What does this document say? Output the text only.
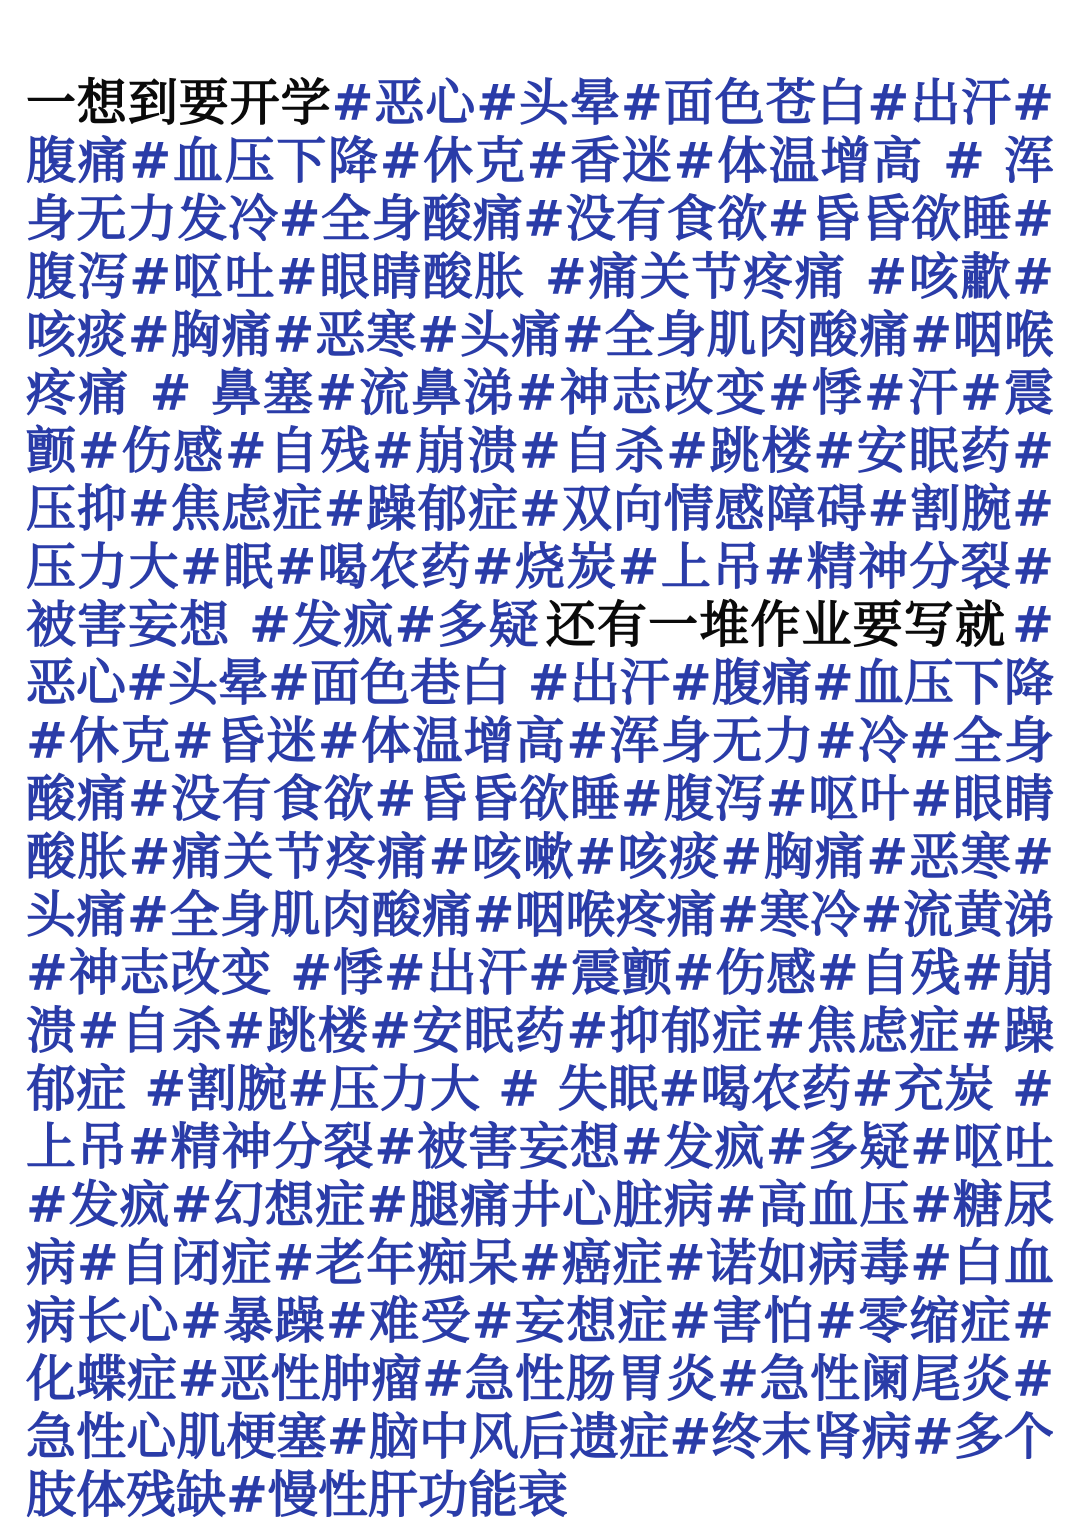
一想到要开学#恶心#头晕#面色苍白#出汗#腹痛#血压下降#休克#香迷#体温增高 # 浑身无力发冷#全身酸痛#没有食欲#昏昏欲睡#腹泻#呕吐#眼睛酸胀 #痛关节疼痛 #咳歗#咳痰#胸痛#恶寒#头痛#全身肌肉酸痛#咽喉疼痛 # 鼻塞#流鼻涕#神志改变#悸#汗#震颤#伤感#自残#崩溃#自杀#跳楼#安眠药#压抑#焦虑症#躁郁症#双向情感障碍#割腕#压力大#眠#喝农药#烧炭#上吊#精神分裂#被害妄想 #发疯#多疑 还有一堆作业要写就 #恶心#头晕#面色巷白 #出汗#腹痛#血压下降#休克#昏迷#体温增高#浑身无力#冷#全身酸痛#没有食欲#昏昏欲睡#腹泻#呕叶#眼睛酸胀#痛关节疼痛#咳嗽#咳痰#胸痛#恶寒#头痛#全身肌肉酸痛#咽喉疼痛#寒冷#流黄涕#神志改变 #悸#出汗#震颤#伤感#自残#崩溃#自杀#跳楼#安眠药#抑郁症#焦虑症#躁郁症 #割腕#压力大 # 失眠#喝农药#充炭 # 上吊#精神分裂#被害妄想#发疯#多疑#呕吐#发疯#幻想症#腿痛井心脏病#高血压#糖尿病#自闭症#老年痴呆#癌症#诺如病毒#白血病长心#暴躁#难受#妄想症#害怕#零缩症#化蝶症#恶性肿瘤#急性肠胃炎#急性阑尾炎#急性心肌梗塞#脑中风后遗症#终末肾病#多个肢体残缺#慢性肝功能衰
